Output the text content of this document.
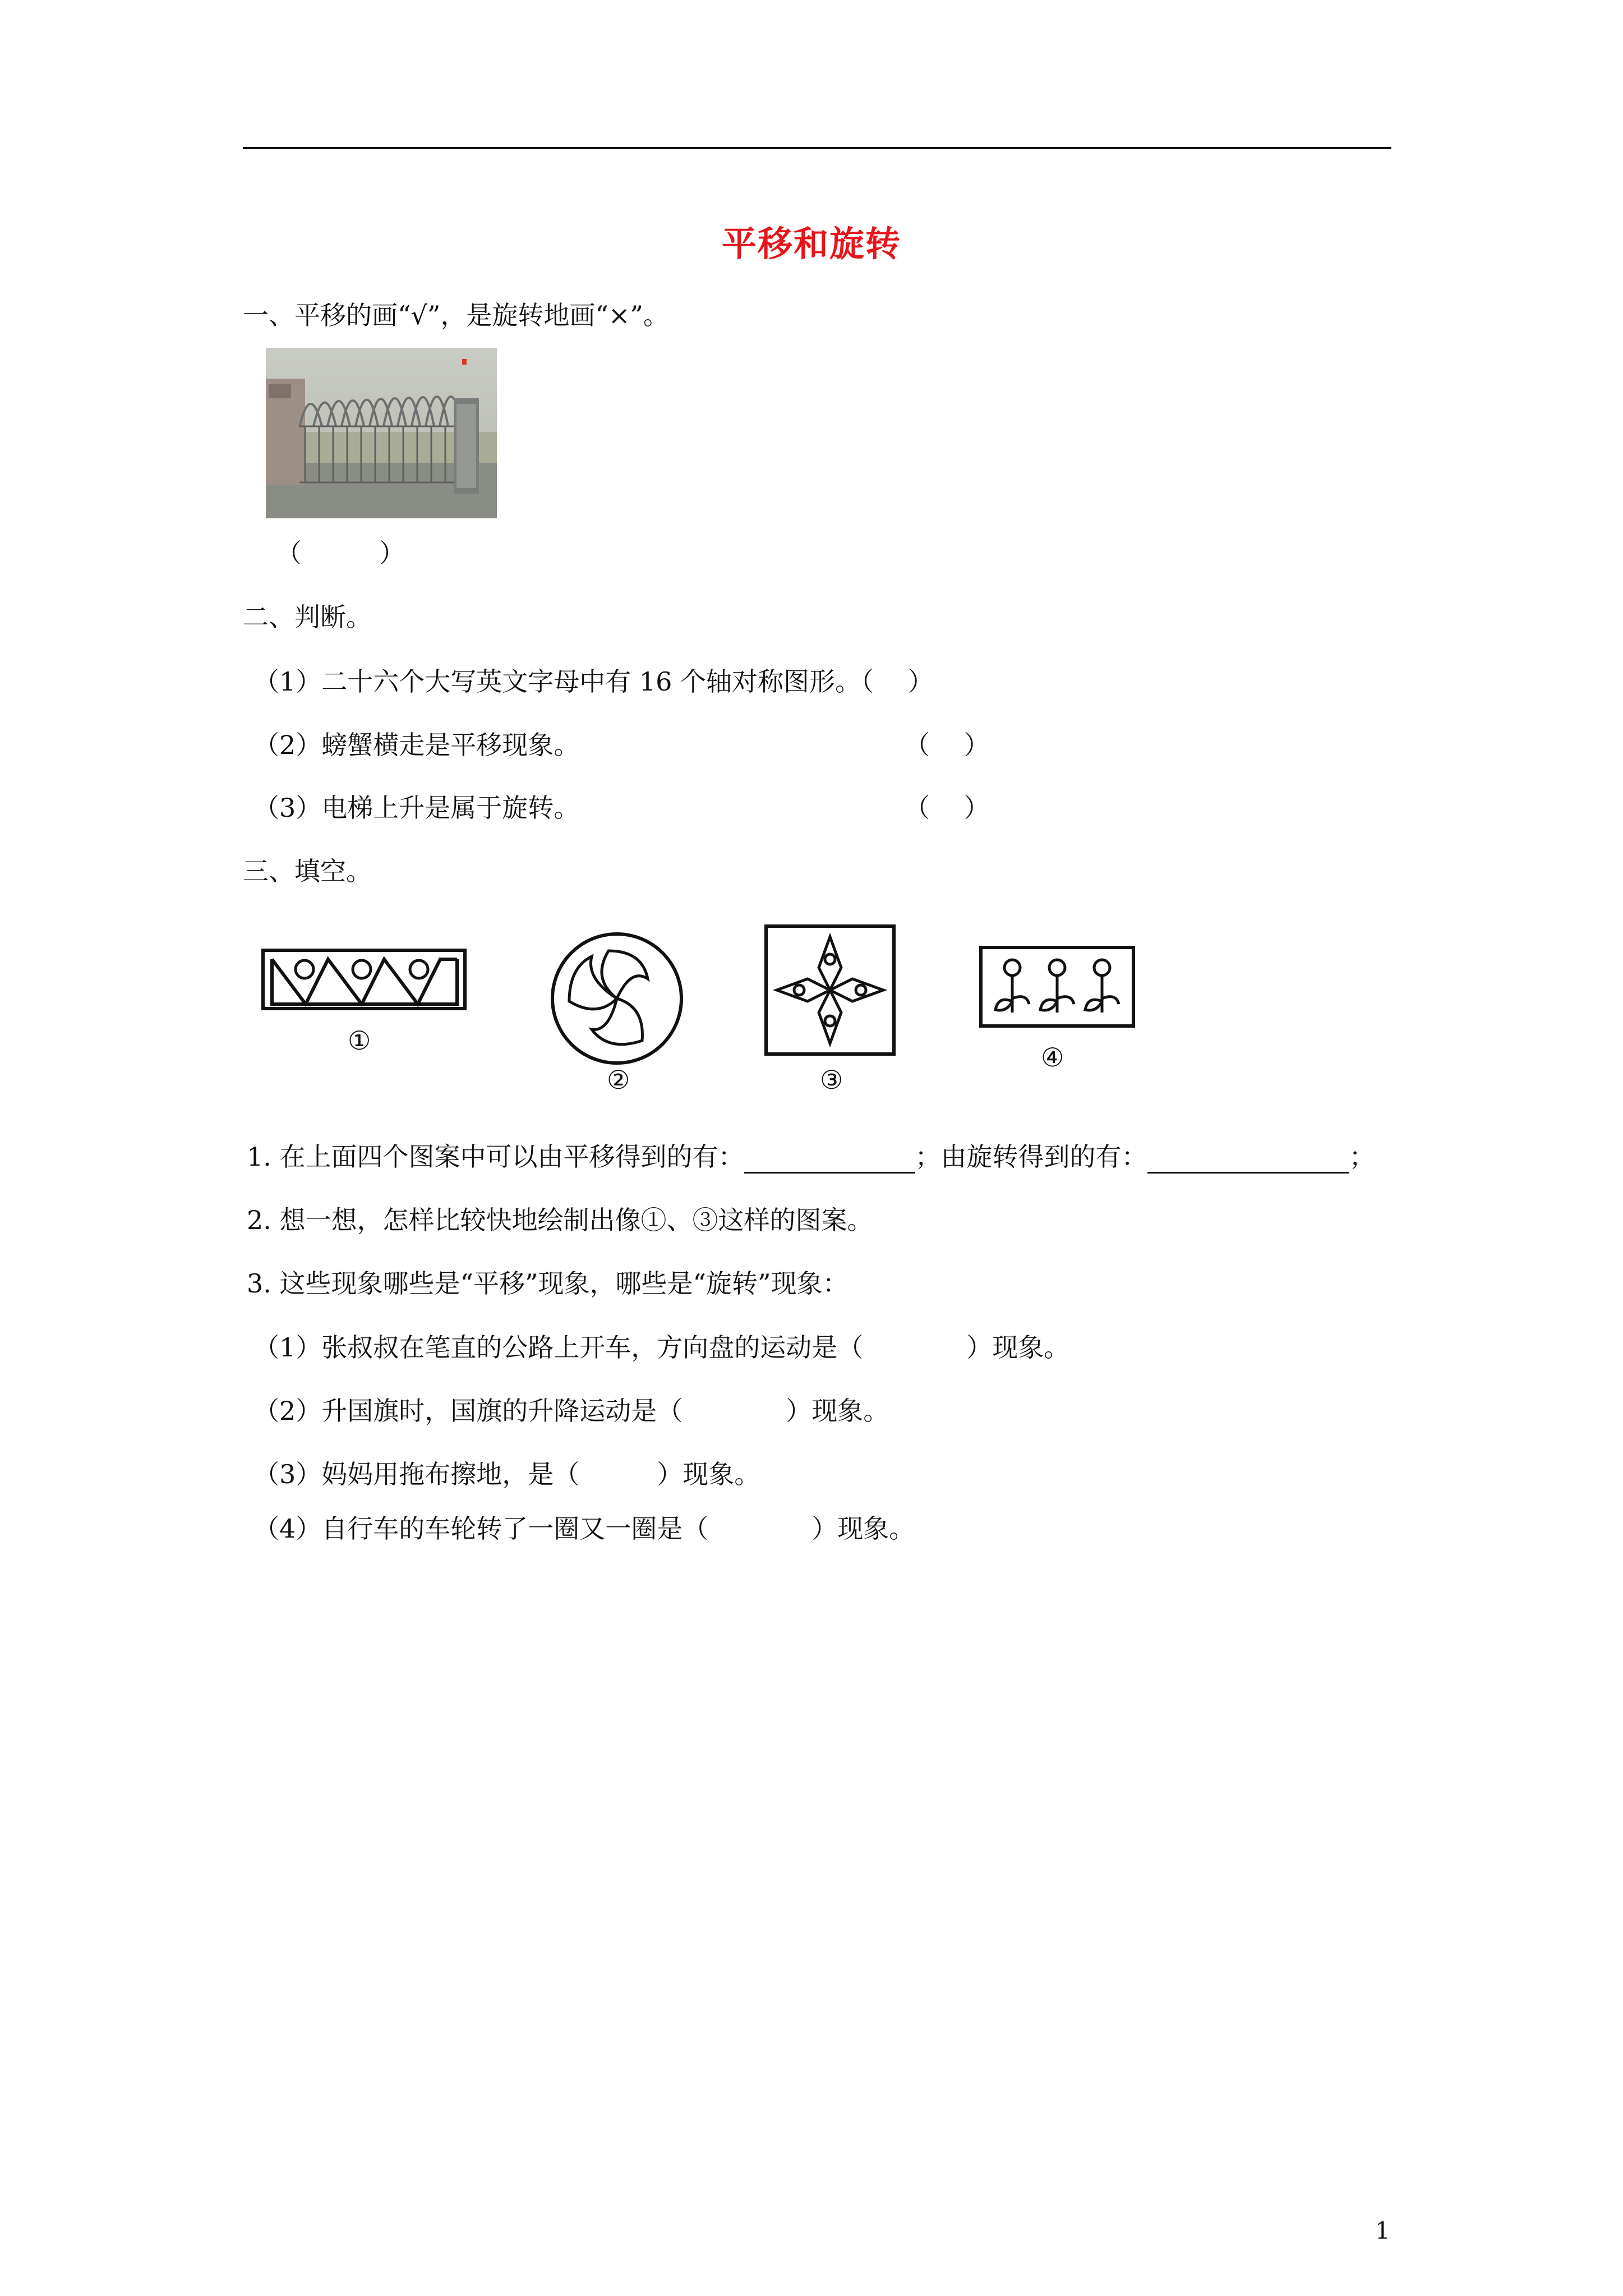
平移和旋转
一、平移的画“√”，是旋转地画“×”。
（　　　）
二、判断。
（1）二十六个大写英文字母中有 16 个轴对称图形。（　 ）
（2）螃蟹横走是平移现象。	（　 ）
（3）电梯上升是属于旋转。	（　 ）
三、填空。
①
②	③
④
1. 在上面四个图案中可以由平移得到的有：	；由旋转得到的有：	；
2. 想一想，怎样比较快地绘制出像①、③这样的图案。
3. 这些现象哪些是“平移”现象，哪些是“旋转”现象：
（1）张叔叔在笔直的公路上开车，方向盘的运动是（　　　　）现象。
（2）升国旗时，国旗的升降运动是（　　　　）现象。
（3）妈妈用拖布擦地，是（　　　）现象。
（4）自行车的车轮转了一圈又一圈是（　　　　）现象。
1
